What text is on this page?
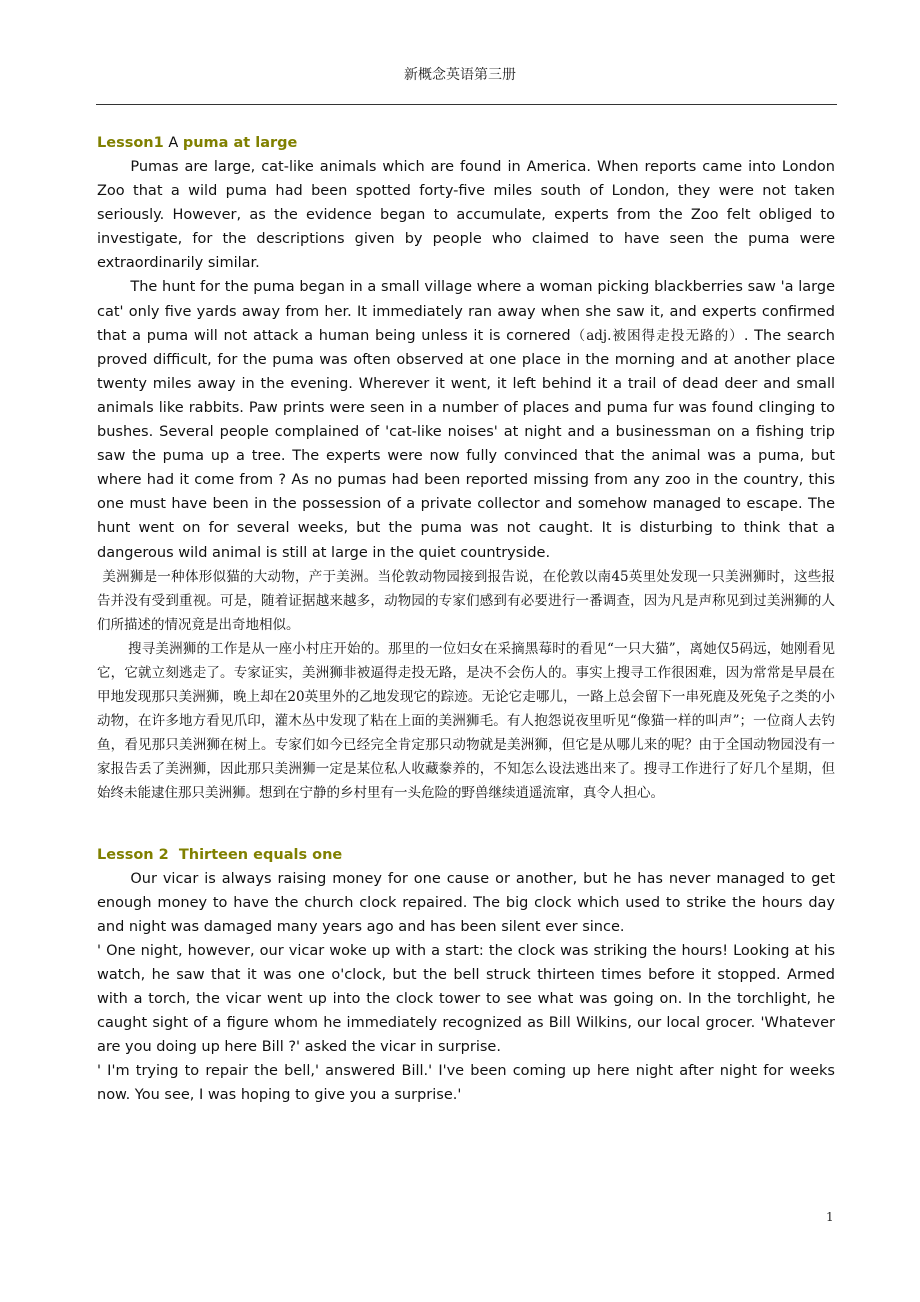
新概念英语第三册
Lesson1 A puma at large

Pumas are large, cat-like animals which are found in America. When reports came into London Zoo that a wild puma had been spotted forty-five miles south of London, they were not taken seriously. However, as the evidence began to accumulate, experts from the Zoo felt obliged to investigate, for the descriptions given by people who claimed to have seen the puma were extraordinarily similar.

The hunt for the puma began in a small village where a woman picking blackberries saw 'a large cat' only five yards away from her. It immediately ran away when she saw it, and experts confirmed that a puma will not attack a human being unless it is cornered（adj.被困得走投无路的）. The search proved difficult, for the puma was often observed at one place in the morning and at another place twenty miles away in the evening. Wherever it went, it left behind it a trail of dead deer and small animals like rabbits. Paw prints were seen in a number of places and puma fur was found clinging to bushes. Several people complained of 'cat-like noises' at night and a businessman on a fishing trip saw the puma up a tree. The experts were now fully convinced that the animal was a puma, but where had it come from ? As no pumas had been reported missing from any zoo in the country, this one must have been in the possession of a private collector and somehow managed to escape. The hunt went on for several weeks, but the puma was not caught. It is disturbing to think that a dangerous wild animal is still at large in the quiet countryside.

美洲狮是一种体形似猫的大动物，产于美洲。当伦敦动物园接到报告说，在伦敦以南45英里处发现一只美洲狮时，这些报告并没有受到重视。可是，随着证据越来越多，动物园的专家们感到有必要进行一番调查，因为凡是声称见到过美洲狮的人们所描述的情况竟是出奇地相似。

搜寻美洲狮的工作是从一座小村庄开始的。那里的一位妇女在采摘黑莓时的看见“一只大猫”，离她仅5码远，她刚看见它，它就立刻逃走了。专家证实，美洲狮非被逼得走投无路，是决不会伤人的。事实上搜寻工作很困难，因为常常是早晨在甲地发现那只美洲狮，晚上却在20英里外的乙地发现它的踪迹。无论它走哪儿，一路上总会留下一串死鹿及死兔子之类的小动物，在许多地方看见爪印，灌木丛中发现了粘在上面的美洲狮毛。有人抱怨说夜里听见“像猫一样的叫声”；一位商人去钓鱼，看见那只美洲狮在树上。专家们如今已经完全肯定那只动物就是美洲狮，但它是从哪儿来的呢？由于全国动物园没有一家报告丢了美洲狮，因此那只美洲狮一定是某位私人收藏豢养的，不知怎么设法逃出来了。搜寻工作进行了好几个星期，但始终未能逮住那只美洲狮。想到在宁静的乡村里有一头危险的野兽继续逍遥流窜，真令人担心。

Lesson 2  Thirteen equals one

Our vicar is always raising money for one cause or another, but he has never managed to get enough money to have the church clock repaired. The big clock which used to strike the hours day and night was damaged many years ago and has been silent ever since.

' One night, however, our vicar woke up with a start: the clock was striking the hours! Looking at his watch, he saw that it was one o'clock, but the bell struck thirteen times before it stopped. Armed with a torch, the vicar went up into the clock tower to see what was going on. In the torchlight, he caught sight of a figure whom he immediately recognized as Bill Wilkins, our local grocer. 'Whatever are you doing up here Bill ?' asked the vicar in surprise.

' I'm trying to repair the bell,' answered Bill.' I've been coming up here night after night for weeks now. You see, I was hoping to give you a surprise.'

1
